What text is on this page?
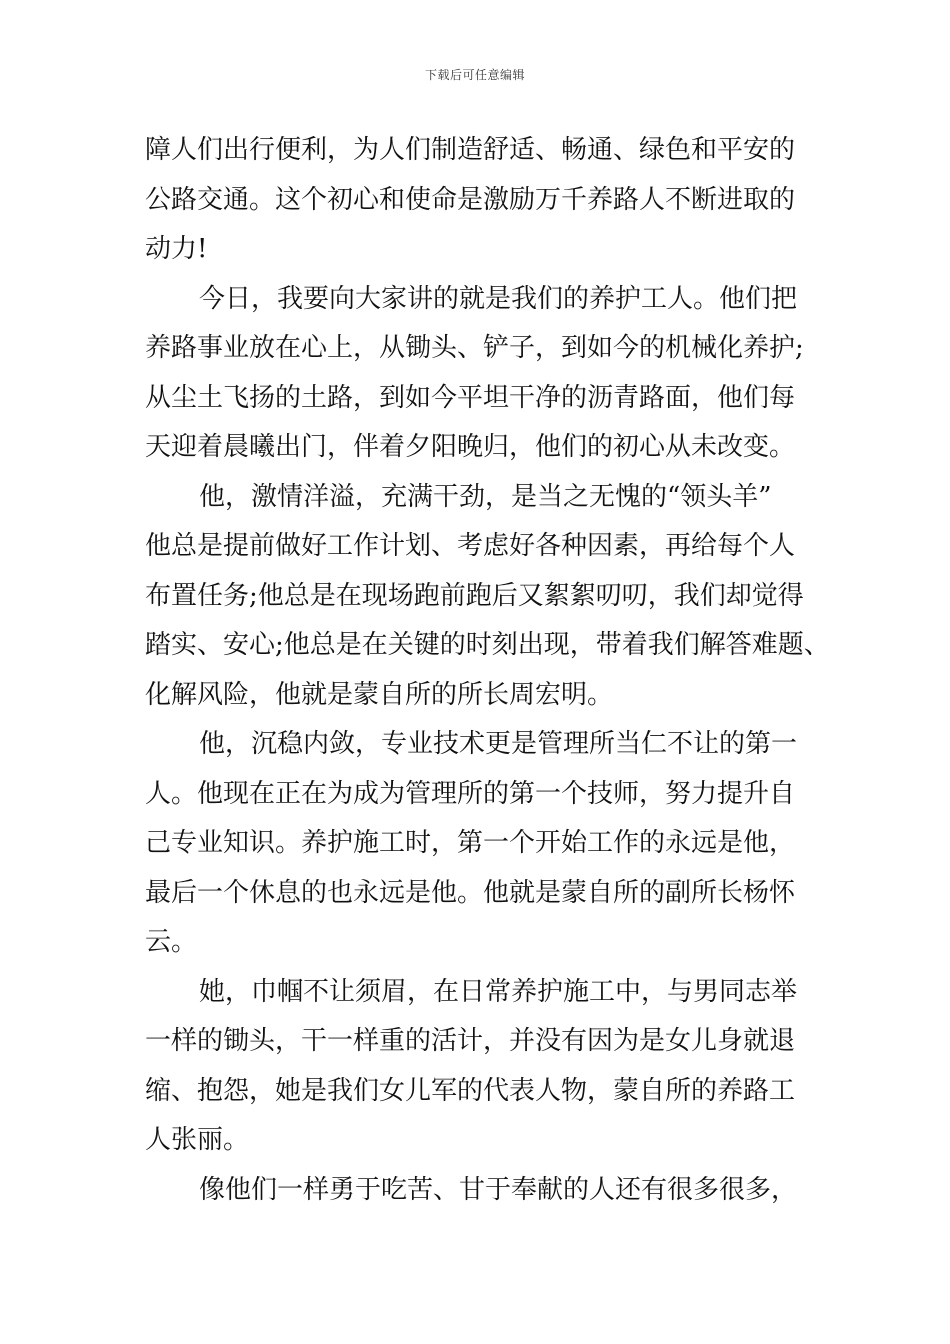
下载后可任意编辑
障人们出行便利，为人们制造舒适、畅通、绿色和平安的
公路交通。这个初心和使命是激励万千养路人不断进取的
动力!
今日，我要向大家讲的就是我们的养护工人。他们把
养路事业放在心上，从锄头、铲子，到如今的机械化养护;
从尘土飞扬的土路，到如今平坦干净的沥青路面，他们每
天迎着晨曦出门，伴着夕阳晚归，他们的初心从未改变。
他，激情洋溢，充满干劲，是当之无愧的“领头羊”
他总是提前做好工作计划、考虑好各种因素，再给每个人
布置任务;他总是在现场跑前跑后又絮絮叨叨，我们却觉得
踏实、安心;他总是在关键的时刻出现，带着我们解答难题、
化解风险，他就是蒙自所的所长周宏明。
他，沉稳内敛，专业技术更是管理所当仁不让的第一
人。他现在正在为成为管理所的第一个技师，努力提升自
己专业知识。养护施工时，第一个开始工作的永远是他，
最后一个休息的也永远是他。他就是蒙自所的副所长杨怀
云。
她，巾帼不让须眉，在日常养护施工中，与男同志举
一样的锄头，干一样重的活计，并没有因为是女儿身就退
缩、抱怨，她是我们女儿军的代表人物，蒙自所的养路工
人张丽。
像他们一样勇于吃苦、甘于奉献的人还有很多很多，
